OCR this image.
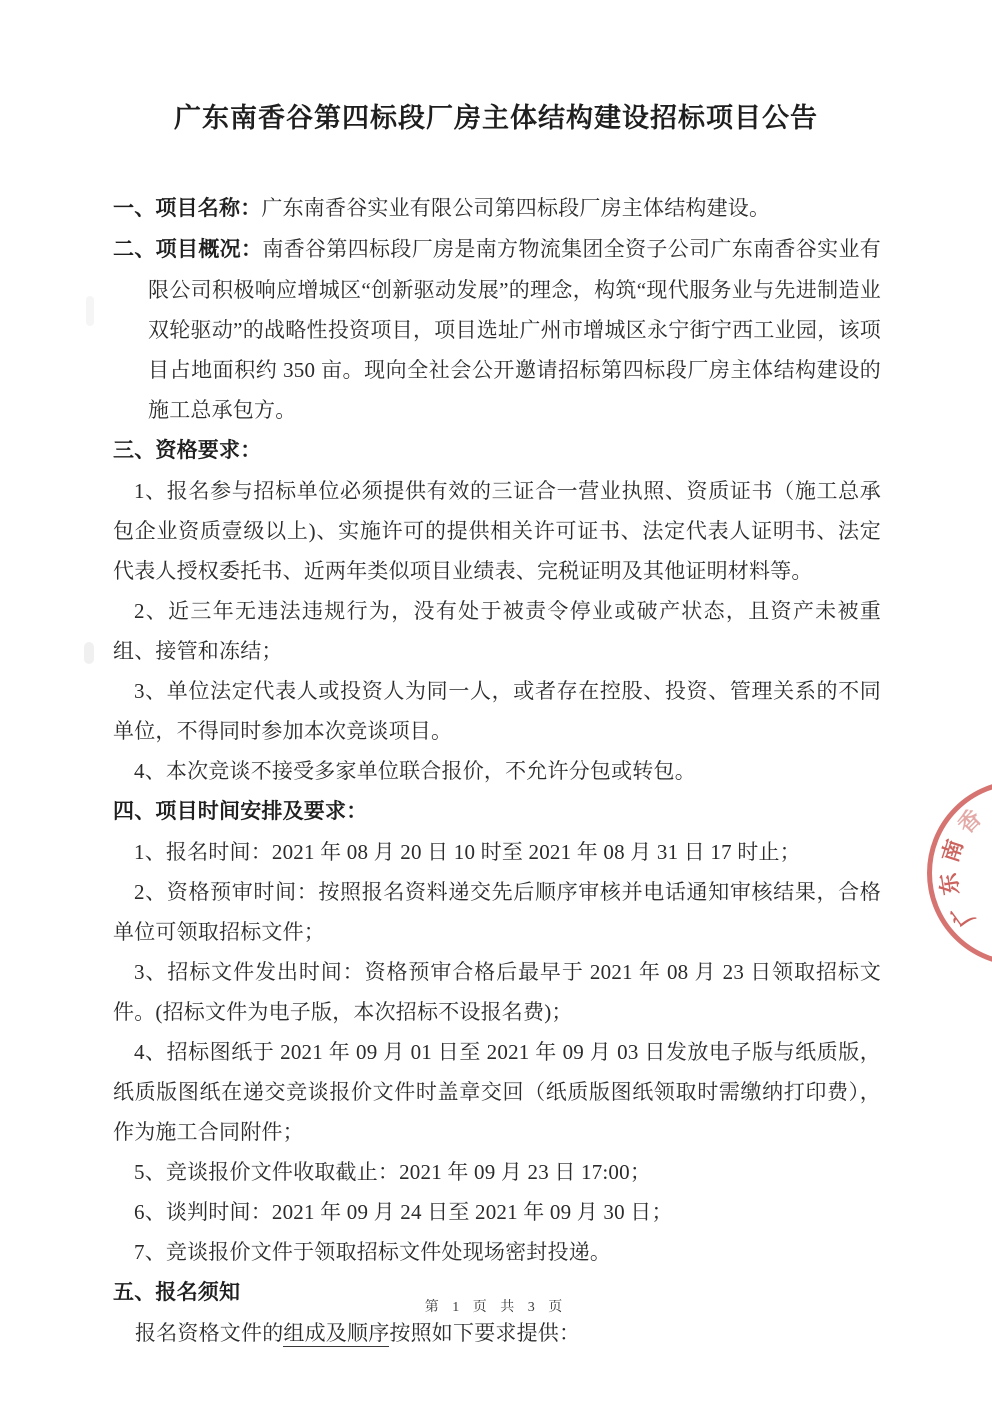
广东南香谷第四标段厂房主体结构建设招标项目公告

一、项目名称：广东南香谷实业有限公司第四标段厂房主体结构建设。

二、项目概况：南香谷第四标段厂房是南方物流集团全资子公司广东南香谷实业有限公司积极响应增城区“创新驱动发展”的理念，构筑“现代服务业与先进制造业双轮驱动”的战略性投资项目，项目选址广州市增城区永宁街宁西工业园，该项目占地面积约 350 亩。现向全社会公开邀请招标第四标段厂房主体结构建设的施工总承包方。

三、资格要求：

1、报名参与招标单位必须提供有效的三证合一营业执照、资质证书（施工总承包企业资质壹级以上)、实施许可的提供相关许可证书、法定代表人证明书、法定代表人授权委托书、近两年类似项目业绩表、完税证明及其他证明材料等。

2、近三年无违法违规行为，没有处于被责令停业或破产状态，且资产未被重组、接管和冻结；

3、单位法定代表人或投资人为同一人，或者存在控股、投资、管理关系的不同单位，不得同时参加本次竞谈项目。

4、本次竞谈不接受多家单位联合报价，不允许分包或转包。

四、项目时间安排及要求：

1、报名时间：2021 年 08 月 20 日 10 时至 2021 年 08 月 31 日 17 时止；

2、资格预审时间：按照报名资料递交先后顺序审核并电话通知审核结果，合格单位可领取招标文件；

3、招标文件发出时间：资格预审合格后最早于 2021 年 08 月 23 日领取招标文件。(招标文件为电子版，本次招标不设报名费)；

4、招标图纸于 2021 年 09 月 01 日至 2021 年 09 月 03 日发放电子版与纸质版，纸质版图纸在递交竞谈报价文件时盖章交回（纸质版图纸领取时需缴纳打印费），作为施工合同附件；

5、竞谈报价文件收取截止：2021 年 09 月 23 日 17:00；

6、谈判时间：2021 年 09 月 24 日至 2021 年 09 月 30 日；

7、竞谈报价文件于领取招标文件处现场密封投递。

五、报名须知

报名资格文件的组成及顺序按照如下要求提供：

第 1 页 共 3 页
广
东
南
香
